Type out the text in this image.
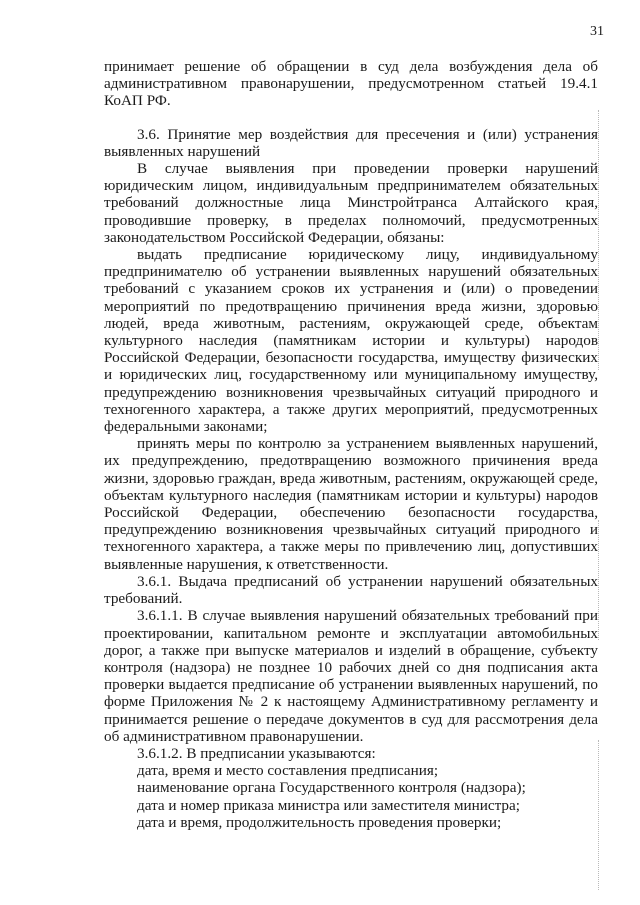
31

принимает решение об обращении в суд дела возбуждения дела об административном правонарушении, предусмотренном статьей 19.4.1 КоАП РФ.

3.6. Принятие мер воздействия для пресечения и (или) устранения выявленных нарушений

В случае выявления при проведении проверки нарушений юридическим лицом, индивидуальным предпринимателем обязательных требований должностные лица Минстройтранса Алтайского края, проводившие проверку, в пределах полномочий, предусмотренных законодательством Российской Федерации, обязаны:

выдать предписание юридическому лицу, индивидуальному предпринимателю об устранении выявленных нарушений обязательных требований с указанием сроков их устранения и (или) о проведении мероприятий по предотвращению причинения вреда жизни, здоровью людей, вреда животным, растениям, окружающей среде, объектам культурного наследия (памятникам истории и культуры) народов Российской Федерации, безопасности государства, имуществу физических и юридических лиц, государственному или муниципальному имуществу, предупреждению возникновения чрезвычайных ситуаций природного и техногенного характера, а также других мероприятий, предусмотренных федеральными законами;

принять меры по контролю за устранением выявленных нарушений, их предупреждению, предотвращению возможного причинения вреда жизни, здоровью граждан, вреда животным, растениям, окружающей среде, объектам культурного наследия (памятникам истории и культуры) народов Российской Федерации, обеспечению безопасности государства, предупреждению возникновения чрезвычайных ситуаций природного и техногенного характера, а также меры по привлечению лиц, допустивших выявленные нарушения, к ответственности.

3.6.1. Выдача предписаний об устранении нарушений обязательных требований.

3.6.1.1. В случае выявления нарушений обязательных требований при проектировании, капитальном ремонте и эксплуатации автомобильных дорог, а также при выпуске материалов и изделий в обращение, субъекту контроля (надзора) не позднее 10 рабочих дней со дня подписания акта проверки выдается предписание об устранении выявленных нарушений, по форме Приложения № 2 к настоящему Административному регламенту и принимается решение о передаче документов в суд для рассмотрения дела об административном правонарушении.

3.6.1.2. В предписании указываются:

дата, время и место составления предписания;

наименование органа Государственного контроля (надзора);

дата и номер приказа министра или заместителя министра;

дата и время, продолжительность проведения проверки;
